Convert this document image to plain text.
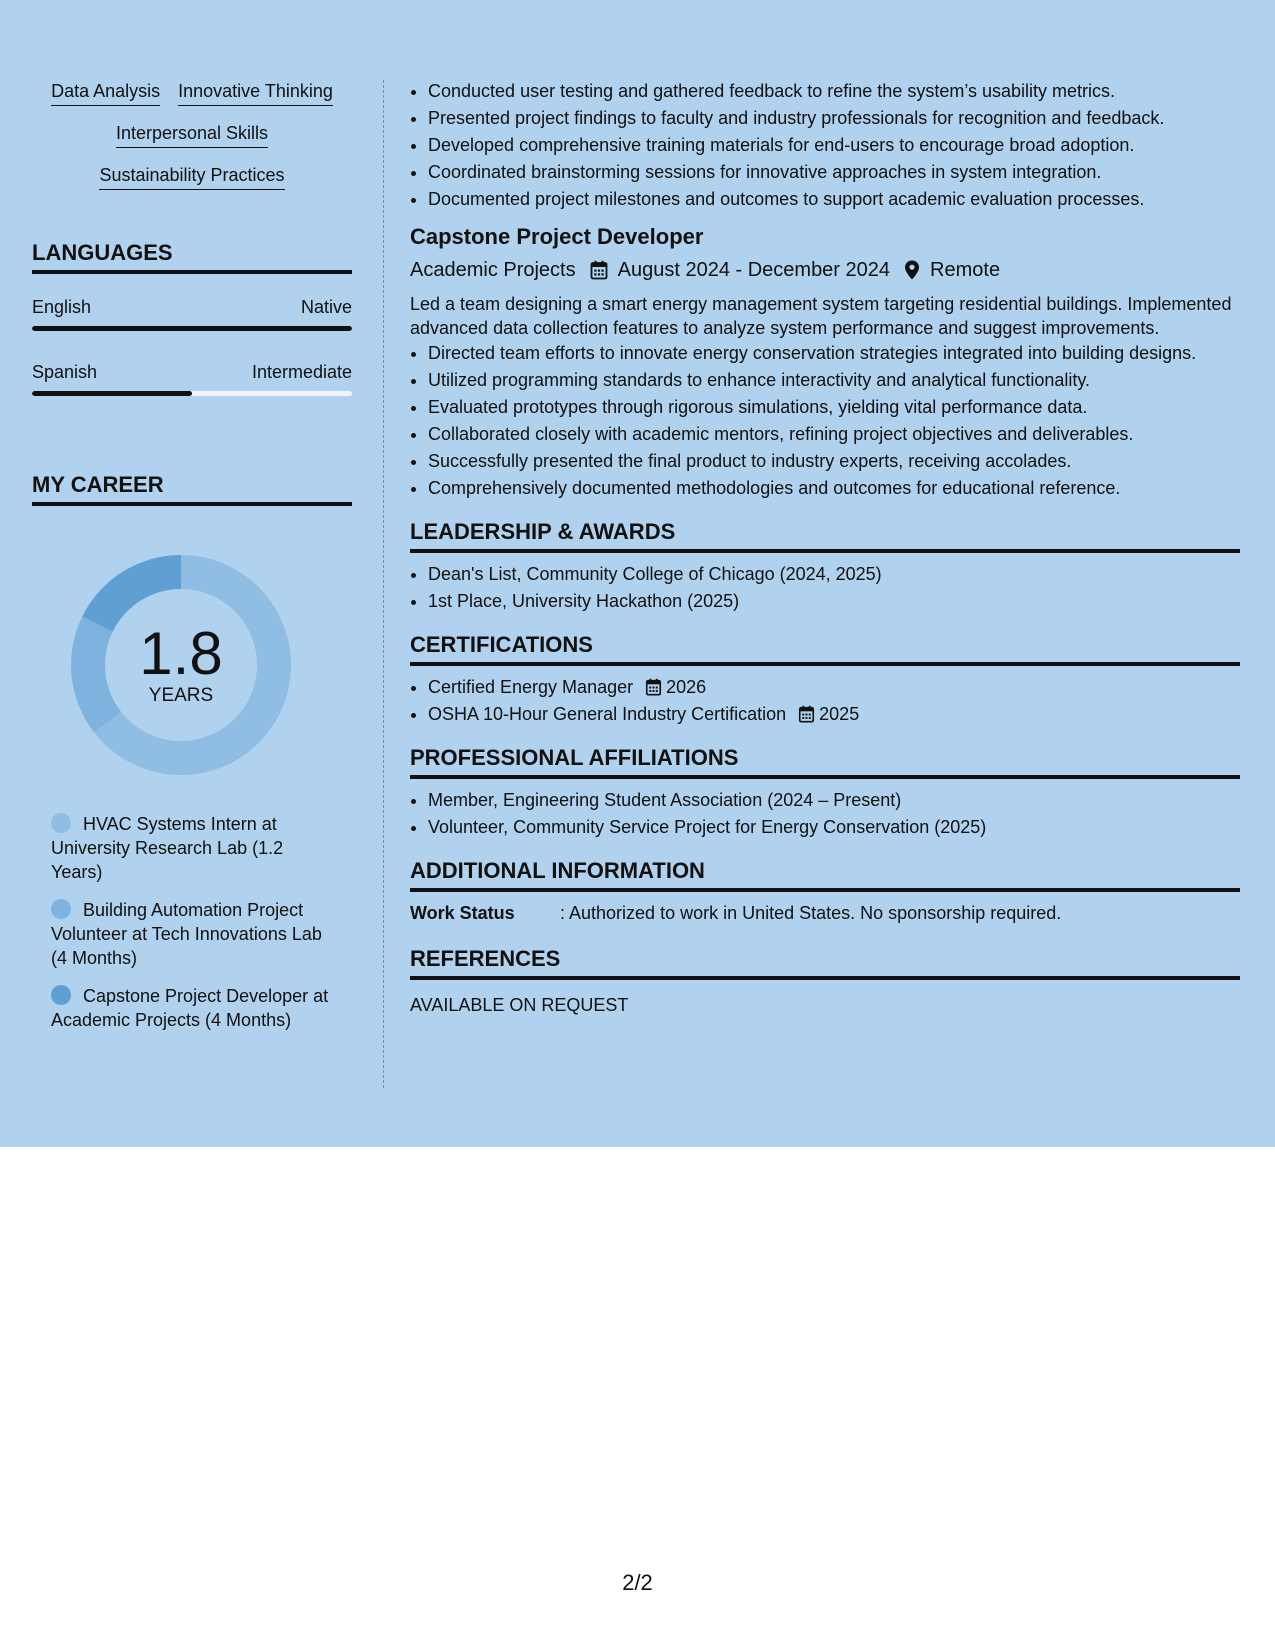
Data Analysis Innovative Thinking
Interpersonal Skills
Sustainability Practices
LANGUAGES
English	Native
Spanish	Intermediate
MY CAREER
1.8
YEARS
HVAC Systems Intern at University Research Lab (1.2 Years)
Building Automation Project Volunteer at Tech Innovations Lab (4 Months)
Capstone Project Developer at Academic Projects (4 Months)
• Conducted user testing and gathered feedback to refine the system’s usability metrics.
• Presented project findings to faculty and industry professionals for recognition and feedback.
• Developed comprehensive training materials for end-users to encourage broad adoption.
• Coordinated brainstorming sessions for innovative approaches in system integration.
• Documented project milestones and outcomes to support academic evaluation processes.
Capstone Project Developer
Academic Projects August 2024 - December 2024 Remote
Led a team designing a smart energy management system targeting residential buildings. Implemented advanced data collection features to analyze system performance and suggest improvements.
• Directed team efforts to innovate energy conservation strategies integrated into building designs.
• Utilized programming standards to enhance interactivity and analytical functionality.
• Evaluated prototypes through rigorous simulations, yielding vital performance data.
• Collaborated closely with academic mentors, refining project objectives and deliverables.
• Successfully presented the final product to industry experts, receiving accolades.
• Comprehensively documented methodologies and outcomes for educational reference.
LEADERSHIP & AWARDS
• Dean's List, Community College of Chicago (2024, 2025)
• 1st Place, University Hackathon (2025)
CERTIFICATIONS
• Certified Energy Manager 2026
• OSHA 10-Hour General Industry Certification 2025
PROFESSIONAL AFFILIATIONS
• Member, Engineering Student Association (2024 – Present)
• Volunteer, Community Service Project for Energy Conservation (2025)
ADDITIONAL INFORMATION
Work Status	: Authorized to work in United States. No sponsorship required.
REFERENCES
AVAILABLE ON REQUEST
2/2
